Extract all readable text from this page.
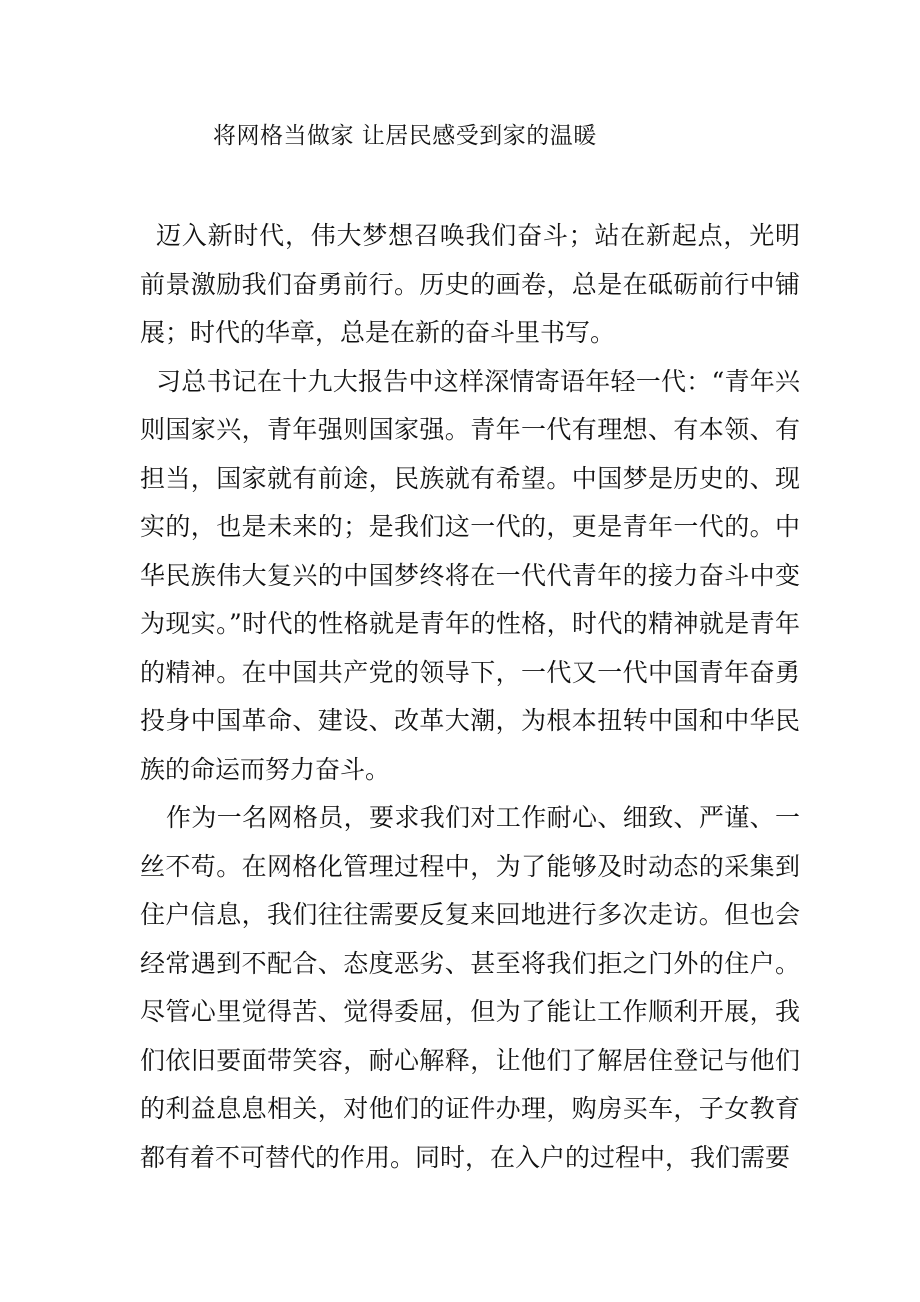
将网格当做家 让居民感受到家的温暖

迈入新时代，伟大梦想召唤我们奋斗；站在新起点，光明前景激励我们奋勇前行。历史的画卷，总是在砥砺前行中铺展；时代的华章，总是在新的奋斗里书写。

习总书记在十九大报告中这样深情寄语年轻一代：“青年兴则国家兴，青年强则国家强。青年一代有理想、有本领、有担当，国家就有前途，民族就有希望。中国梦是历史的、现实的，也是未来的；是我们这一代的，更是青年一代的。中华民族伟大复兴的中国梦终将在一代代青年的接力奋斗中变为现实。”时代的性格就是青年的性格，时代的精神就是青年的精神。在中国共产党的领导下，一代又一代中国青年奋勇投身中国革命、建设、改革大潮，为根本扭转中国和中华民族的命运而努力奋斗。

作为一名网格员，要求我们对工作耐心、细致、严谨、一丝不苟。在网格化管理过程中，为了能够及时动态的采集到住户信息，我们往往需要反复来回地进行多次走访。但也会经常遇到不配合、态度恶劣、甚至将我们拒之门外的住户。尽管心里觉得苦、觉得委屈，但为了能让工作顺利开展，我们依旧要面带笑容，耐心解释，让他们了解居住登记与他们的利益息息相关，对他们的证件办理，购房买车，子女教育都有着不可替代的作用。同时，在入户的过程中，我们需要
